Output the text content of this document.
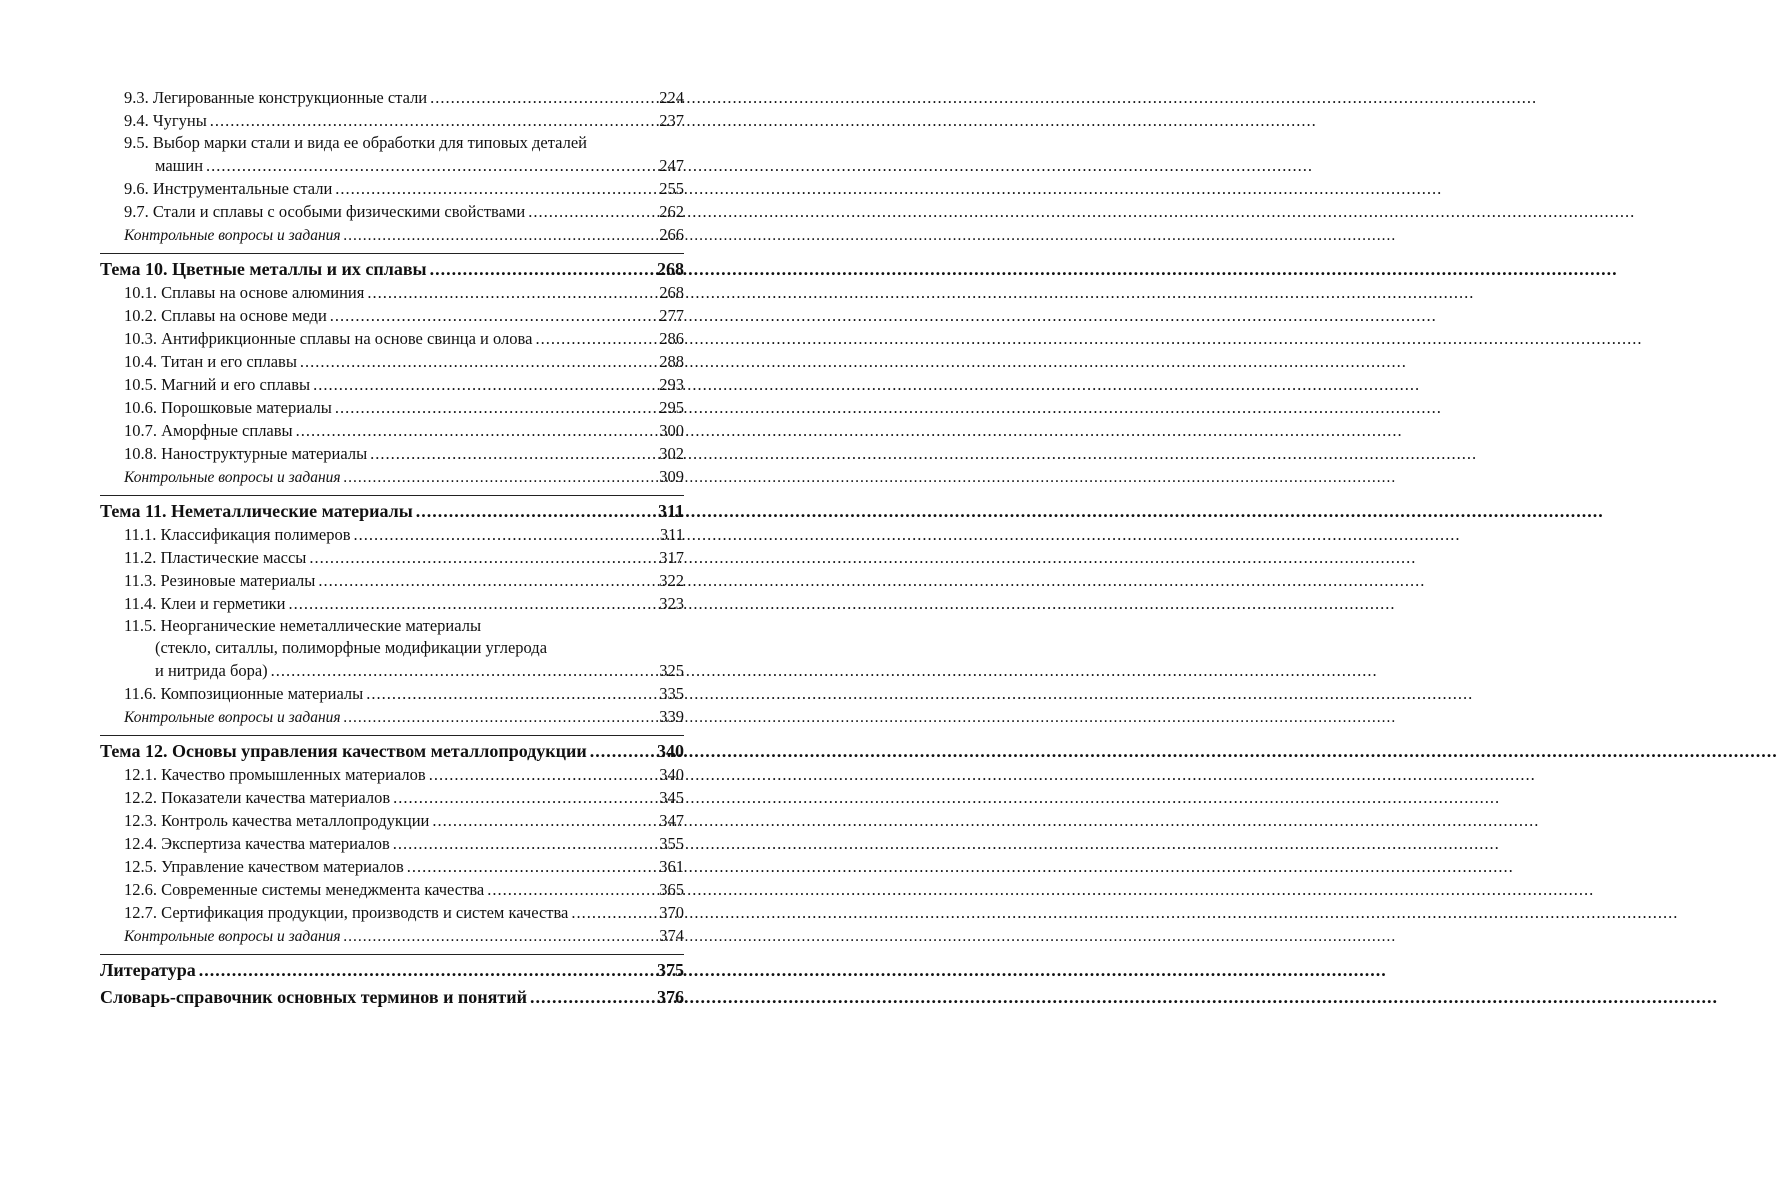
9.3. Легированные конструкционные стали .....	224
9.4. Чугуны .....	237
9.5. Выбор марки стали и вида ее обработки для типовых деталей
машин .....	247
9.6. Инструментальные стали .....	255
9.7. Стали и сплавы с особыми физическими свойствами .....	262
Контрольные вопросы и задания .....	266
Тема 10. Цветные металлы и их сплавы .....	268
10.1. Сплавы на основе алюминия .....	268
10.2. Сплавы на основе меди .....	277
10.3. Антифрикционные сплавы на основе свинца и олова .....	286
10.4. Титан и его сплавы .....	288
10.5. Магний и его сплавы .....	293
10.6. Порошковые материалы .....	295
10.7. Аморфные сплавы .....	300
10.8. Наноструктурные материалы .....	302
Контрольные вопросы и задания .....	309
Тема 11. Неметаллические материалы .....	311
11.1. Классификация полимеров .....	311
11.2. Пластические массы .....	317
11.3. Резиновые материалы .....	322
11.4. Клеи и герметики .....	323
11.5. Неорганические неметаллические материалы
(стекло, ситаллы, полиморфные модификации углерода
и нитрида бора) .....	325
11.6. Композиционные материалы .....	335
Контрольные вопросы и задания .....	339
Тема 12. Основы управления качеством металлопродукции .....	340
12.1. Качество промышленных материалов .....	340
12.2. Показатели качества материалов .....	345
12.3. Контроль качества металлопродукции .....	347
12.4. Экспертиза качества материалов .....	355
12.5. Управление качеством материалов .....	361
12.6. Современные системы менеджмента качества .....	365
12.7. Сертификация продукции, производств и систем качества .....	370
Контрольные вопросы и задания .....	374
Литература .....	375
Словарь-справочник основных терминов и понятий .....	376
